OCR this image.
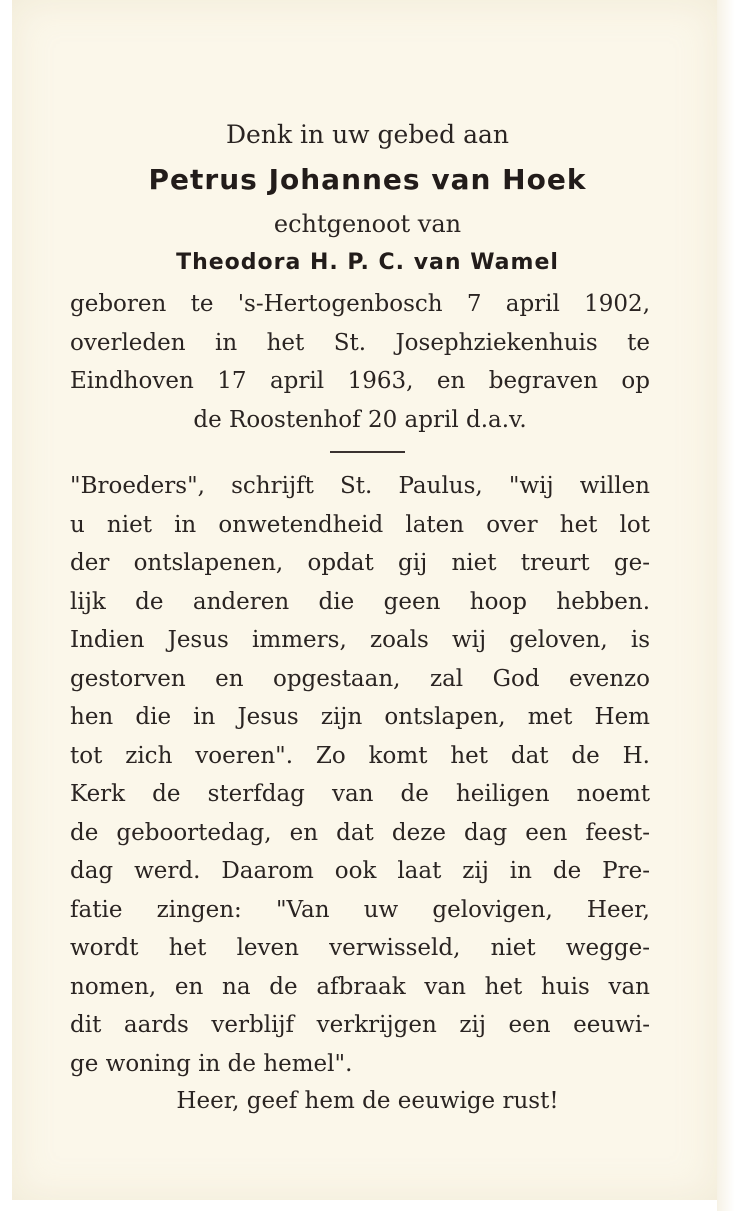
Denk in uw gebed aan
Petrus Johannes van Hoek
echtgenoot van
Theodora H. P. C. van Wamel
geboren te 's-Hertogenbosch 7 april 1902,
overleden in het St. Josephziekenhuis te
Eindhoven 17 april 1963, en begraven op
de Roostenhof 20 april d.a.v.
"Broeders", schrijft St. Paulus, "wij willen
u niet in onwetendheid laten over het lot
der ontslapenen, opdat gij niet treurt ge-
lijk de anderen die geen hoop hebben.
Indien Jesus immers, zoals wij geloven, is
gestorven en opgestaan, zal God evenzo
hen die in Jesus zijn ontslapen, met Hem
tot zich voeren". Zo komt het dat de H.
Kerk de sterfdag van de heiligen noemt
de geboortedag, en dat deze dag een feest-
dag werd. Daarom ook laat zij in de Pre-
fatie zingen: "Van uw gelovigen, Heer,
wordt het leven verwisseld, niet wegge-
nomen, en na de afbraak van het huis van
dit aards verblijf verkrijgen zij een eeuwi-
ge woning in de hemel".
Heer, geef hem de eeuwige rust!
